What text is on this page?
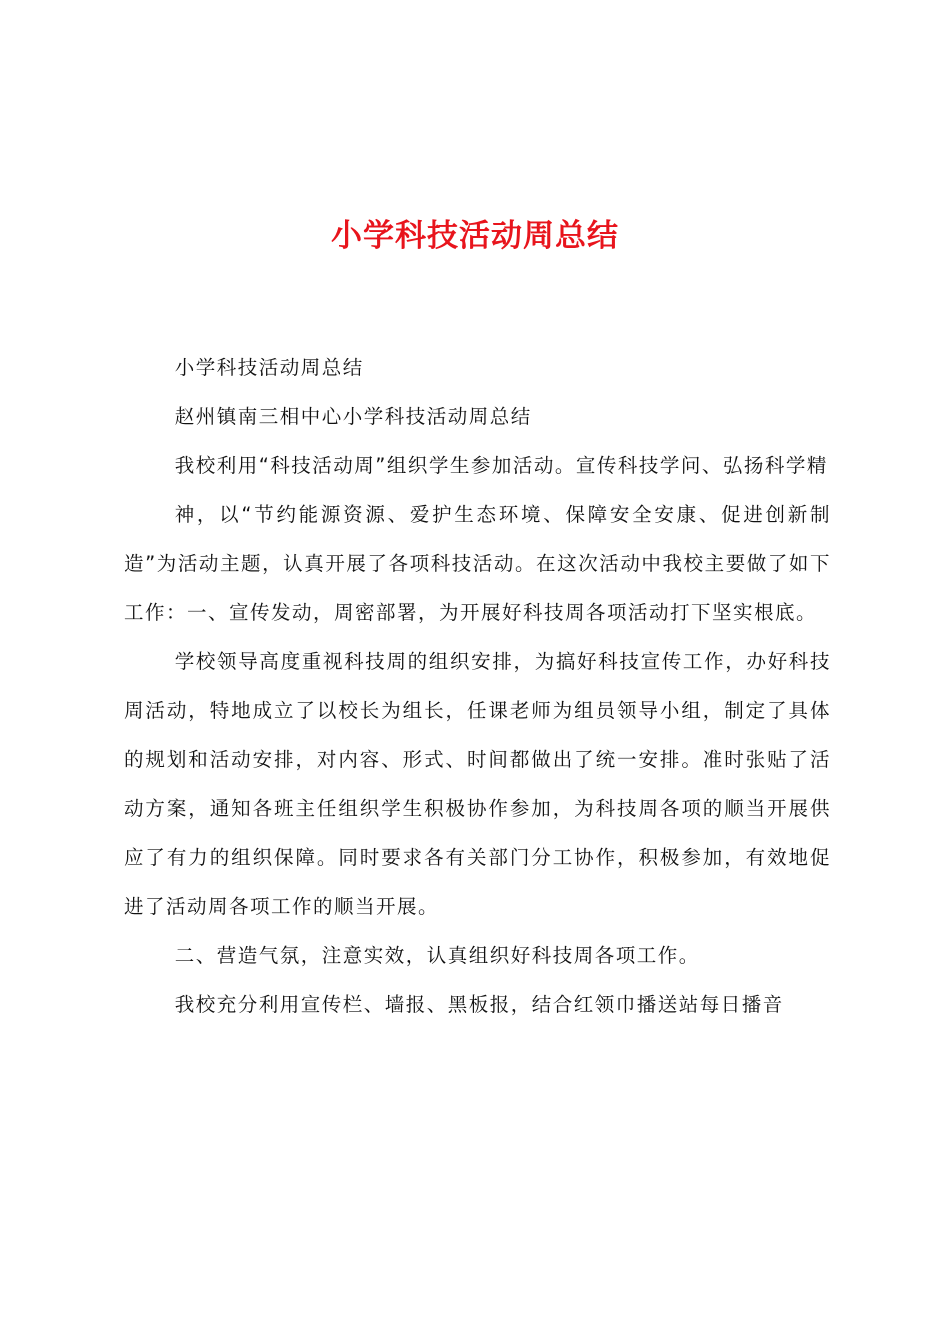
小学科技活动周总结

小学科技活动周总结

赵州镇南三相中心小学科技活动周总结

我校利用“科技活动周”组织学生参加活动。宣传科技学问、弘扬科学精

神，以“节约能源资源、爱护生态环境、保障安全安康、促进创新制造”为活动主题，认真开展了各项科技活动。在这次活动中我校主要做了如下工作：一、宣传发动，周密部署，为开展好科技周各项活动打下坚实根底。

学校领导高度重视科技周的组织安排，为搞好科技宣传工作，办好科技周活动，特地成立了以校长为组长，任课老师为组员领导小组，制定了具体的规划和活动安排，对内容、形式、时间都做出了统一安排。准时张贴了活动方案，通知各班主任组织学生积极协作参加，为科技周各项的顺当开展供应了有力的组织保障。同时要求各有关部门分工协作，积极参加，有效地促进了活动周各项工作的顺当开展。

二、营造气氛，注意实效，认真组织好科技周各项工作。

我校充分利用宣传栏、墙报、黑板报，结合红领巾播送站每日播音
